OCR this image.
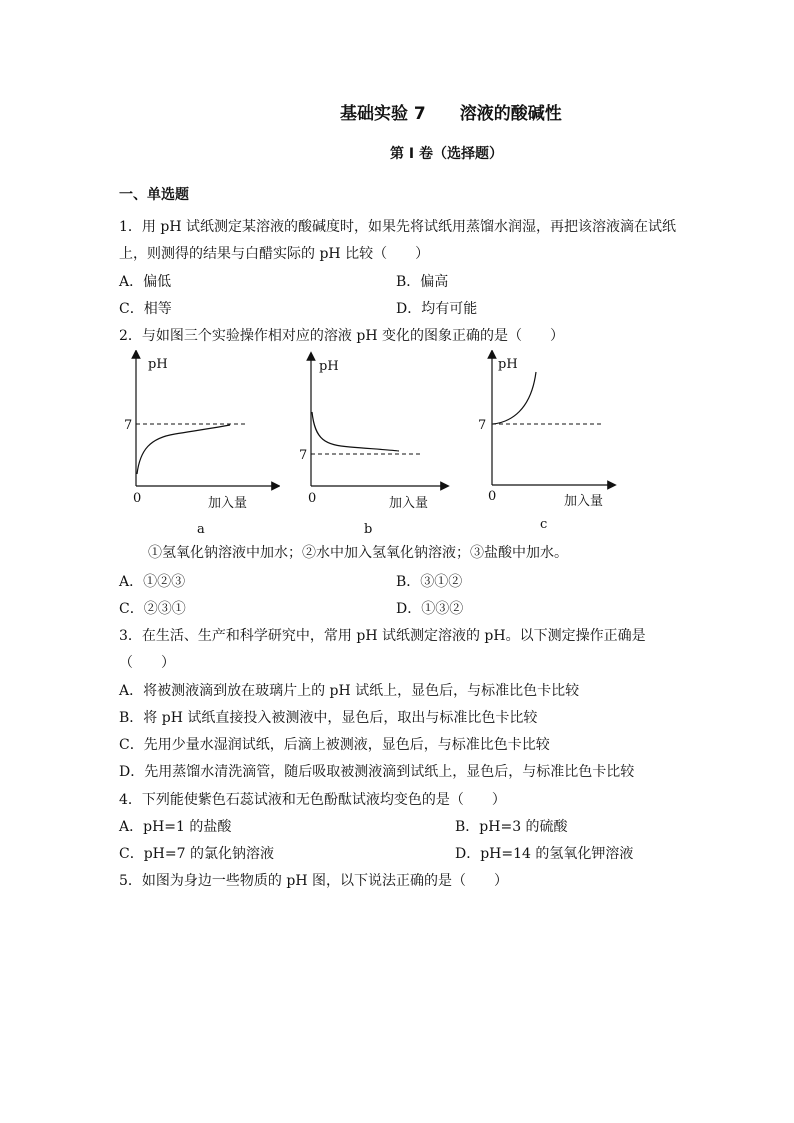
基础实验 7 溶液的酸碱性
第 I 卷（选择题）
一、单选题
1．用 pH 试纸测定某溶液的酸碱度时，如果先将试纸用蒸馏水润湿，再把该溶液滴在试纸
上，则测得的结果与白醋实际的 pH 比较（　　）
A．偏低	B．偏高
C．相等	D．均有可能
2．与如图三个实验操作相对应的溶液 pH 变化的图象正确的是（　　）
pH
7
0	加入量
a
pH
7
0	加入量
b
pH
7
0	加入量
c
①氢氧化钠溶液中加水；②水中加入氢氧化钠溶液；③盐酸中加水。
A．①②③	B．③①②
C．②③①	D．①③②
3．在生活、生产和科学研究中，常用 pH 试纸测定溶液的 pH。以下测定操作正确是
（　　）
A．将被测液滴到放在玻璃片上的 pH 试纸上，显色后，与标准比色卡比较
B．将 pH 试纸直接投入被测液中，显色后，取出与标准比色卡比较
C．先用少量水湿润试纸，后滴上被测液，显色后，与标准比色卡比较
D．先用蒸馏水清洗滴管，随后吸取被测液滴到试纸上，显色后，与标准比色卡比较
4．下列能使紫色石蕊试液和无色酚酞试液均变色的是（　　）
A．pH=1 的盐酸	B．pH=3 的硫酸
C．pH=7 的氯化钠溶液	D．pH=14 的氢氧化钾溶液
5．如图为身边一些物质的 pH 图，以下说法正确的是（　　）
